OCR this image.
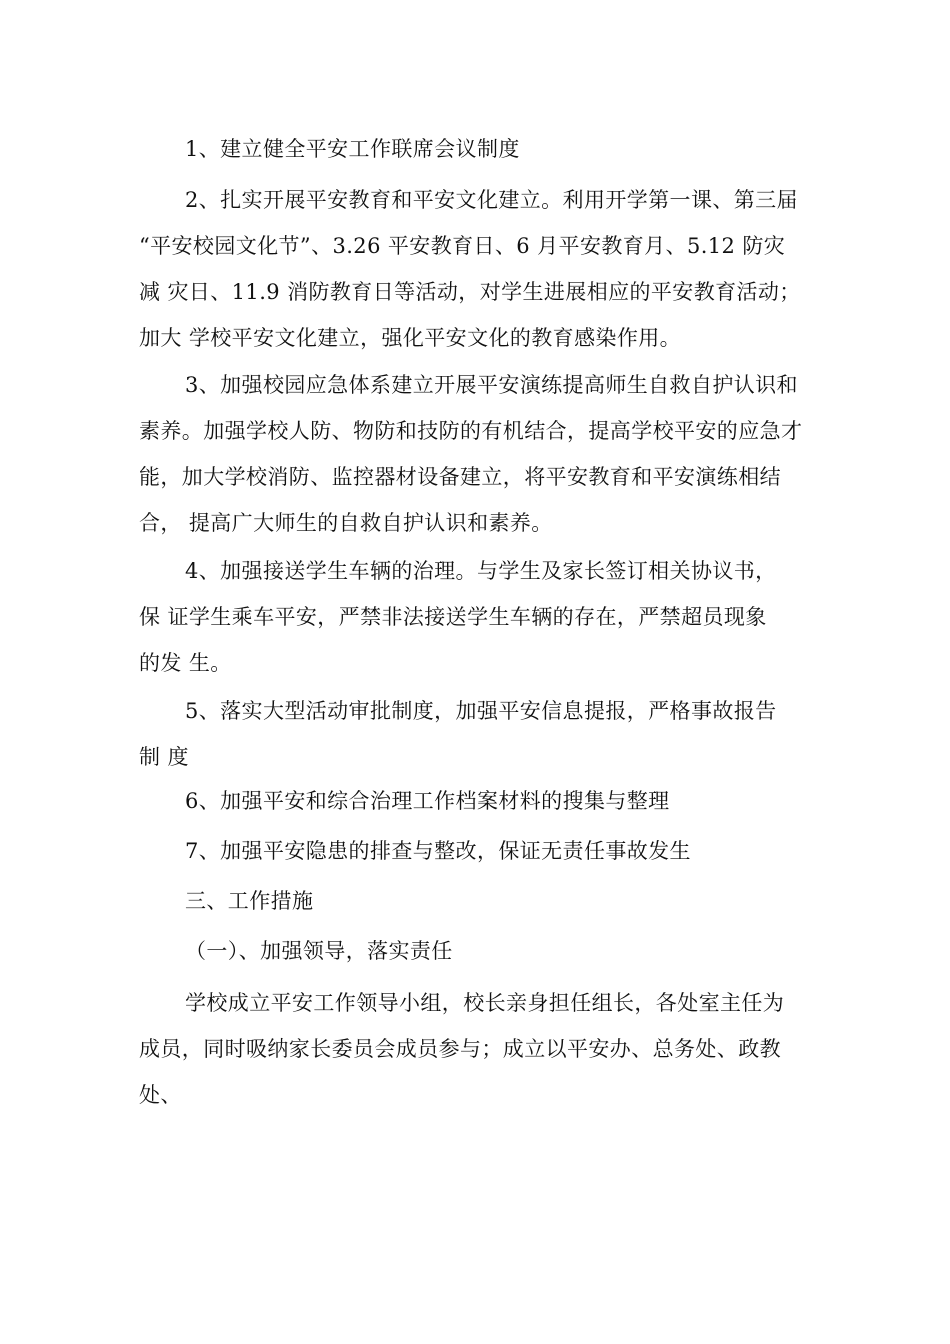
1、建立健全平安工作联席会议制度
2、扎实开展平安教育和平安文化建立。利用开学第一课、第三届
“平安校园文化节”、3.26 平安教育日、6 月平安教育月、5.12 防灾
减 灾日、11.9 消防教育日等活动，对学生进展相应的平安教育活动；
加大 学校平安文化建立，强化平安文化的教育感染作用。
3、加强校园应急体系建立开展平安演练提高师生自救自护认识和
素养。加强学校人防、物防和技防的有机结合，提高学校平安的应急才
能，加大学校消防、监控器材设备建立，将平安教育和平安演练相结
合， 提高广大师生的自救自护认识和素养。
4、加强接送学生车辆的治理。与学生及家长签订相关协议书，
保 证学生乘车平安，严禁非法接送学生车辆的存在，严禁超员现象
的发 生。
5、落实大型活动审批制度，加强平安信息提报，严格事故报告
制 度
6、加强平安和综合治理工作档案材料的搜集与整理
7、加强平安隐患的排查与整改，保证无责任事故发生
三、工作措施
（一）、加强领导，落实责任
学校成立平安工作领导小组，校长亲身担任组长，各处室主任为
成员，同时吸纳家长委员会成员参与；成立以平安办、总务处、政教
处、
